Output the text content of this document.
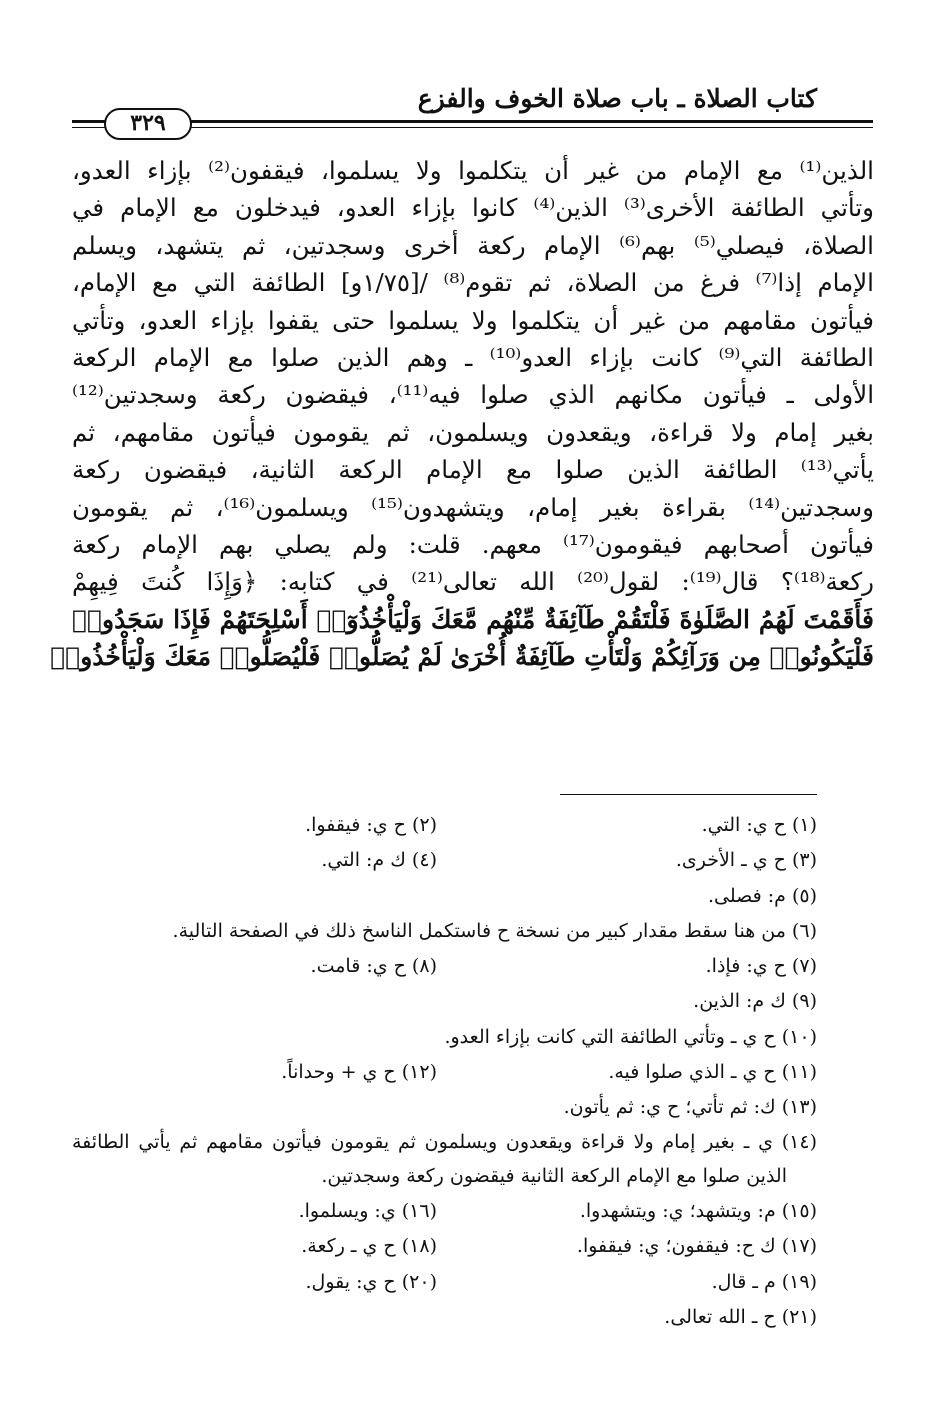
كتاب الصلاة ـ باب صلاة الخوف والفزع
٣٢٩
الذين⁽¹⁾ مع الإمام من غير أن يتكلموا ولا يسلموا، فيقفون⁽²⁾ بإزاء العدو،
وتأتي الطائفة الأخرى⁽³⁾ الذين⁽⁴⁾ كانوا بإزاء العدو، فيدخلون مع الإمام في
الصلاة، فيصلي⁽⁵⁾ بهم⁽⁶⁾ الإمام ركعة أخرى وسجدتين، ثم يتشهد، ويسلم
الإمام إذا⁽⁷⁾ فرغ من الصلاة، ثم تقوم⁽⁸⁾ /[١/٧٥و] الطائفة التي مع الإمام،
فيأتون مقامهم من غير أن يتكلموا ولا يسلموا حتى يقفوا بإزاء العدو، وتأتي
الطائفة التي⁽⁹⁾ كانت بإزاء العدو⁽¹⁰⁾ ـ وهم الذين صلوا مع الإمام الركعة
الأولى ـ فيأتون مكانهم الذي صلوا فيه⁽¹¹⁾، فيقضون ركعة وسجدتين⁽¹²⁾
بغير إمام ولا قراءة، ويقعدون ويسلمون، ثم يقومون فيأتون مقامهم، ثم
يأتي⁽¹³⁾ الطائفة الذين صلوا مع الإمام الركعة الثانية، فيقضون ركعة
وسجدتين⁽¹⁴⁾ بقراءة بغير إمام، ويتشهدون⁽¹⁵⁾ ويسلمون⁽¹⁶⁾، ثم يقومون
فيأتون أصحابهم فيقومون⁽¹⁷⁾ معهم. قلت: ولم يصلي بهم الإمام ركعة
ركعة⁽¹⁸⁾؟ قال⁽¹⁹⁾: لقول⁽²⁰⁾ الله تعالى⁽²¹⁾ في كتابه: ﴿وَإِذَا كُنتَ فِيهِمْ
فَأَقَمْتَ لَهُمُ الصَّلَوٰةَ فَلْتَقُمْ طَآئِفَةٌ مِّنْهُم مَّعَكَ وَلْيَأْخُذُوٓا۟ أَسْلِحَتَهُمْ فَإِذَا سَجَدُوا۟
فَلْيَكُونُوا۟ مِن وَرَآئِكُمْ وَلْتَأْتِ طَآئِفَةٌ أُخْرَىٰ لَمْ يُصَلُّوا۟ فَلْيُصَلُّوا۟ مَعَكَ وَلْيَأْخُذُوا۟
(١) ح ي: التي.
(٢) ح ي: فيقفوا.
(٣) ح ي ـ الأخرى.
(٤) ك م: التي.
(٥) م: فصلى.
(٦) من هنا سقط مقدار كبير من نسخة ح فاستكمل الناسخ ذلك في الصفحة التالية.
(٧) ح ي: فإذا.
(٨) ح ي: قامت.
(٩) ك م: الذين.
(١٠) ح ي ـ وتأتي الطائفة التي كانت بإزاء العدو.
(١١) ح ي ـ الذي صلوا فيه.
(١٢) ح ي + وحداناً.
(١٣) ك: ثم تأتي؛ ح ي: ثم يأتون.
(١٤) ي ـ بغير إمام ولا قراءة ويقعدون ويسلمون ثم يقومون فيأتون مقامهم ثم يأتي الطائفة
الذين صلوا مع الإمام الركعة الثانية فيقضون ركعة وسجدتين.
(١٥) م: ويتشهد؛ ي: ويتشهدوا.
(١٦) ي: ويسلموا.
(١٧) ك ح: فيقفون؛ ي: فيقفوا.
(١٨) ح ي ـ ركعة.
(١٩) م ـ قال.
(٢٠) ح ي: يقول.
(٢١) ح ـ الله تعالى.
